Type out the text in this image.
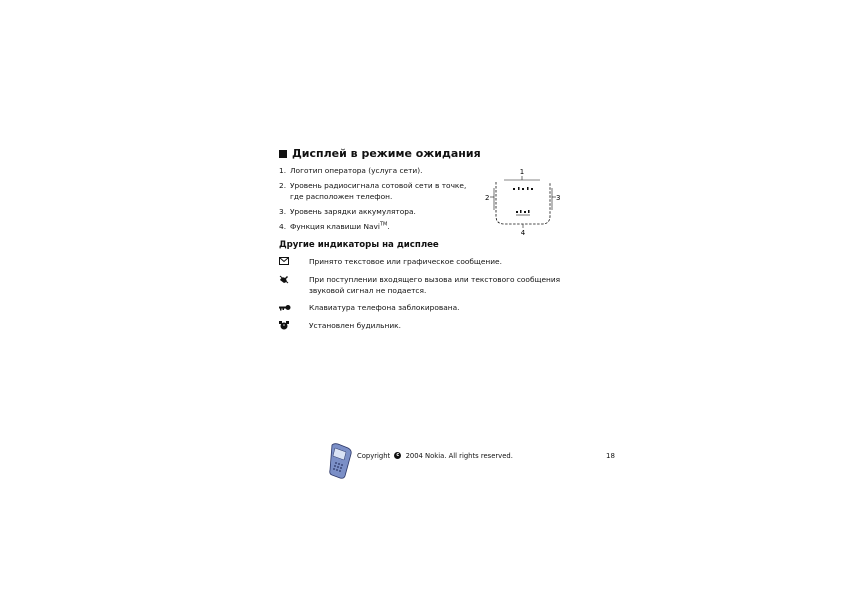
Дисплей в режиме ожидания
1. Логотип оператора (услуга сети).
2. Уровень радиосигнала сотовой сети в точке, где расположен телефон.
3. Уровень зарядки аккумулятора.
4. Функция клавиши Navi™.
1
2	3
4
Другие индикаторы на дисплее
Принято текстовое или графическое сообщение.
При поступлении входящего вызова или текстового сообщения звуковой сигнал не подается.
Клавиатура телефона заблокирована.
Установлен будильник.
Copyright c 2004 Nokia. All rights reserved.	18
